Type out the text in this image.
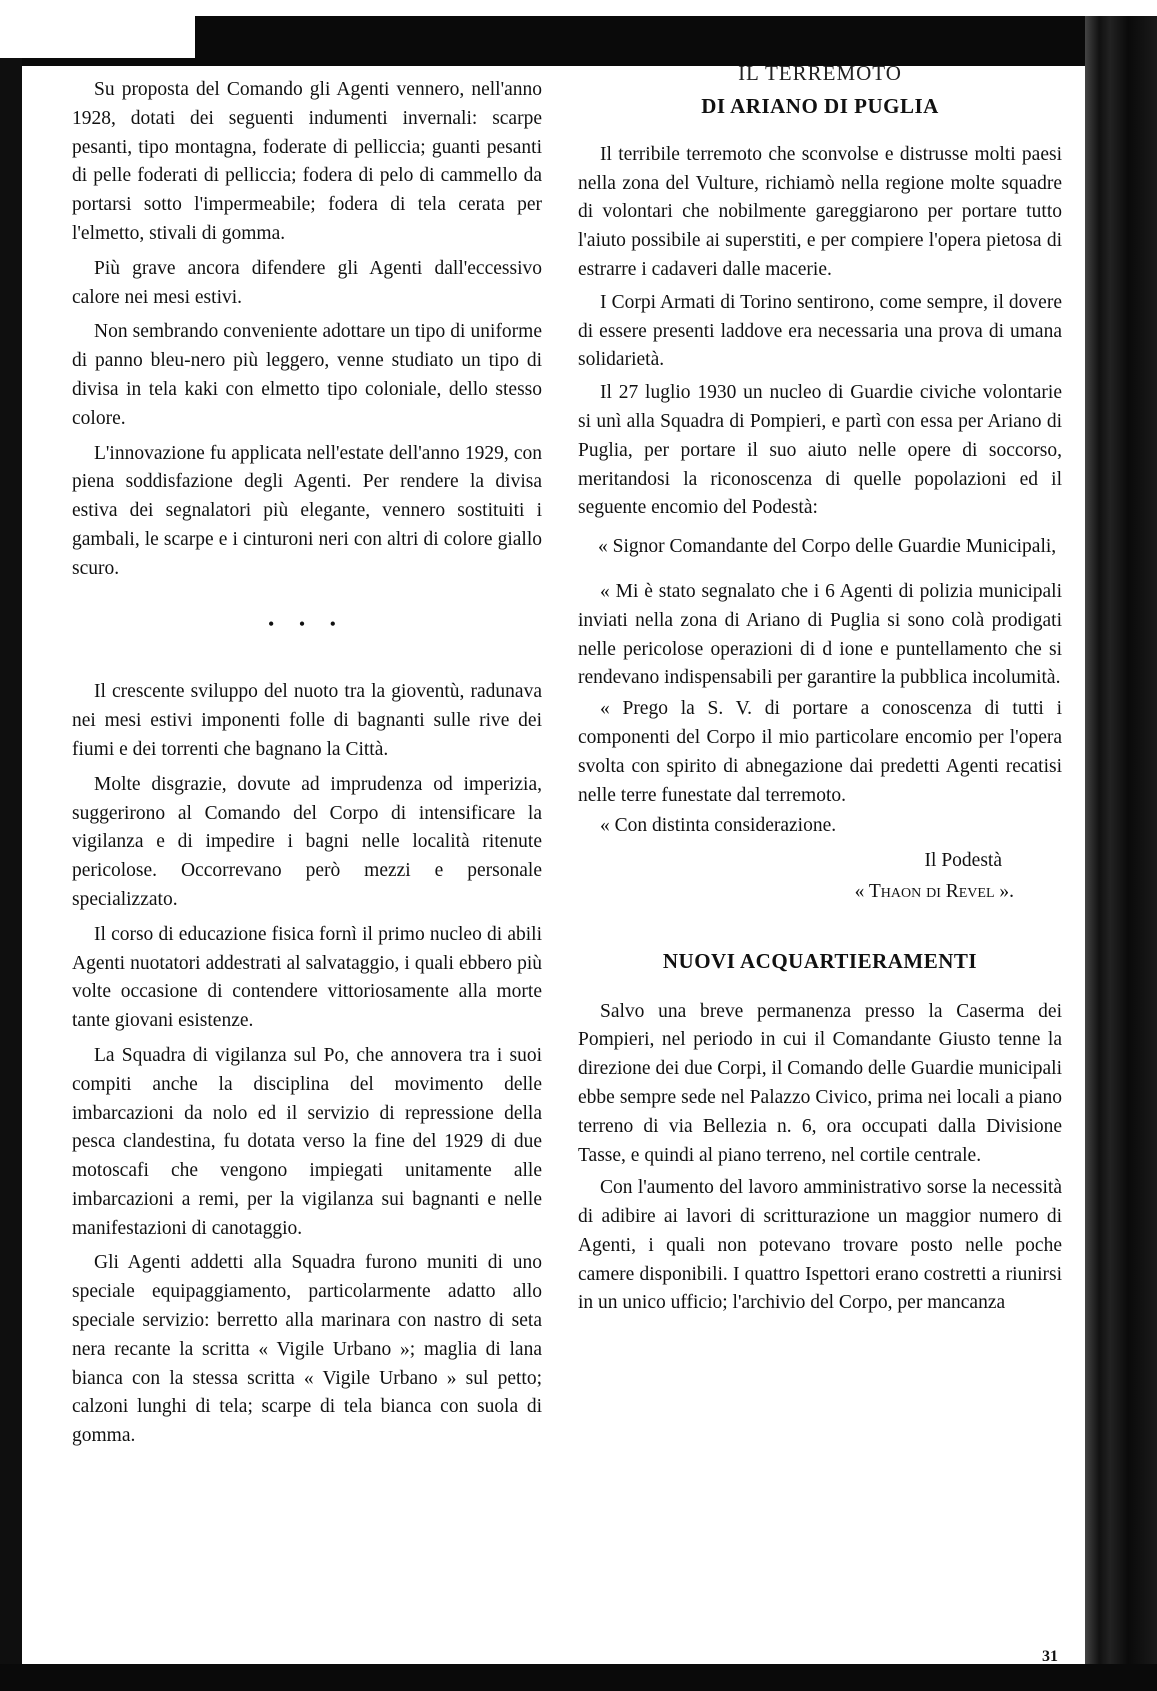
Su proposta del Comando gli Agenti vennero, nell'anno 1928, dotati dei seguenti indumenti invernali: scarpe pesanti, tipo montagna, foderate di pelliccia; guanti pesanti di pelle foderati di pelliccia; fodera di pelo di cammello da portarsi sotto l'impermeabile; fodera di tela cerata per l'elmetto, stivali di gomma.

Più grave ancora difendere gli Agenti dall'eccessivo calore nei mesi estivi.

Non sembrando conveniente adottare un tipo di uniforme di panno bleu-nero più leggero, venne studiato un tipo di divisa in tela kaki con elmetto tipo coloniale, dello stesso colore.

L'innovazione fu applicata nell'estate dell'anno 1929, con piena soddisfazione degli Agenti. Per rendere la divisa estiva dei segnalatori più elegante, vennero sostituiti i gambali, le scarpe e i cinturoni neri con altri di colore giallo scuro.

• • •

Il crescente sviluppo del nuoto tra la gioventù, radunava nei mesi estivi imponenti folle di bagnanti sulle rive dei fiumi e dei torrenti che bagnano la Città.

Molte disgrazie, dovute ad imprudenza od imperizia, suggerirono al Comando del Corpo di intensificare la vigilanza e di impedire i bagni nelle località ritenute pericolose. Occorrevano però mezzi e personale specializzato.

Il corso di educazione fisica fornì il primo nucleo di abili Agenti nuotatori addestrati al salvataggio, i quali ebbero più volte occasione di contendere vittoriosamente alla morte tante giovani esistenze.

La Squadra di vigilanza sul Po, che annovera tra i suoi compiti anche la disciplina del movimento delle imbarcazioni da nolo ed il servizio di repressione della pesca clandestina, fu dotata verso la fine del 1929 di due motoscafi che vengono impiegati unitamente alle imbarcazioni a remi, per la vigilanza sui bagnanti e nelle manifestazioni di canotaggio.

Gli Agenti addetti alla Squadra furono muniti di uno speciale equipaggiamento, particolarmente adatto allo speciale servizio: berretto alla marinara con nastro di seta nera recante la scritta « Vigile Urbano »; maglia di lana bianca con la stessa scritta « Vigile Urbano » sul petto; calzoni lunghi di tela; scarpe di tela bianca con suola di gomma.

IL TERREMOTO
DI ARIANO DI PUGLIA

Il terribile terremoto che sconvolse e distrusse molti paesi nella zona del Vulture, richiamò nella regione molte squadre di volontari che nobilmente gareggiarono per portare tutto l'aiuto possibile ai superstiti, e per compiere l'opera pietosa di estrarre i cadaveri dalle macerie.

I Corpi Armati di Torino sentirono, come sempre, il dovere di essere presenti laddove era necessaria una prova di umana solidarietà.

Il 27 luglio 1930 un nucleo di Guardie civiche volontarie si unì alla Squadra di Pompieri, e partì con essa per Ariano di Puglia, per portare il suo aiuto nelle opere di soccorso, meritandosi la riconoscenza di quelle popolazioni ed il seguente encomio del Podestà:

« Signor Comandante del Corpo delle Guardie Municipali,

« Mi è stato segnalato che i 6 Agenti di polizia municipali inviati nella zona di Ariano di Puglia si sono colà prodigati nelle pericolose operazioni di d ione e puntellamento che si rendevano indispensabili per garantire la pubblica incolumità.

« Prego la S. V. di portare a conoscenza di tutti i componenti del Corpo il mio particolare encomio per l'opera svolta con spirito di abnegazione dai predetti Agenti recatisi nelle terre funestate dal terremoto.

« Con distinta considerazione.

Il Podestà

« Thaon di Revel ».

NUOVI ACQUARTIERAMENTI

Salvo una breve permanenza presso la Caserma dei Pompieri, nel periodo in cui il Comandante Giusto tenne la direzione dei due Corpi, il Comando delle Guardie municipali ebbe sempre sede nel Palazzo Civico, prima nei locali a piano terreno di via Bellezia n. 6, ora occupati dalla Divisione Tasse, e quindi al piano terreno, nel cortile centrale.

Con l'aumento del lavoro amministrativo sorse la necessità di adibire ai lavori di scritturazione un maggior numero di Agenti, i quali non potevano trovare posto nelle poche camere disponibili. I quattro Ispettori erano costretti a riunirsi in un unico ufficio; l'archivio del Corpo, per mancanza

31
